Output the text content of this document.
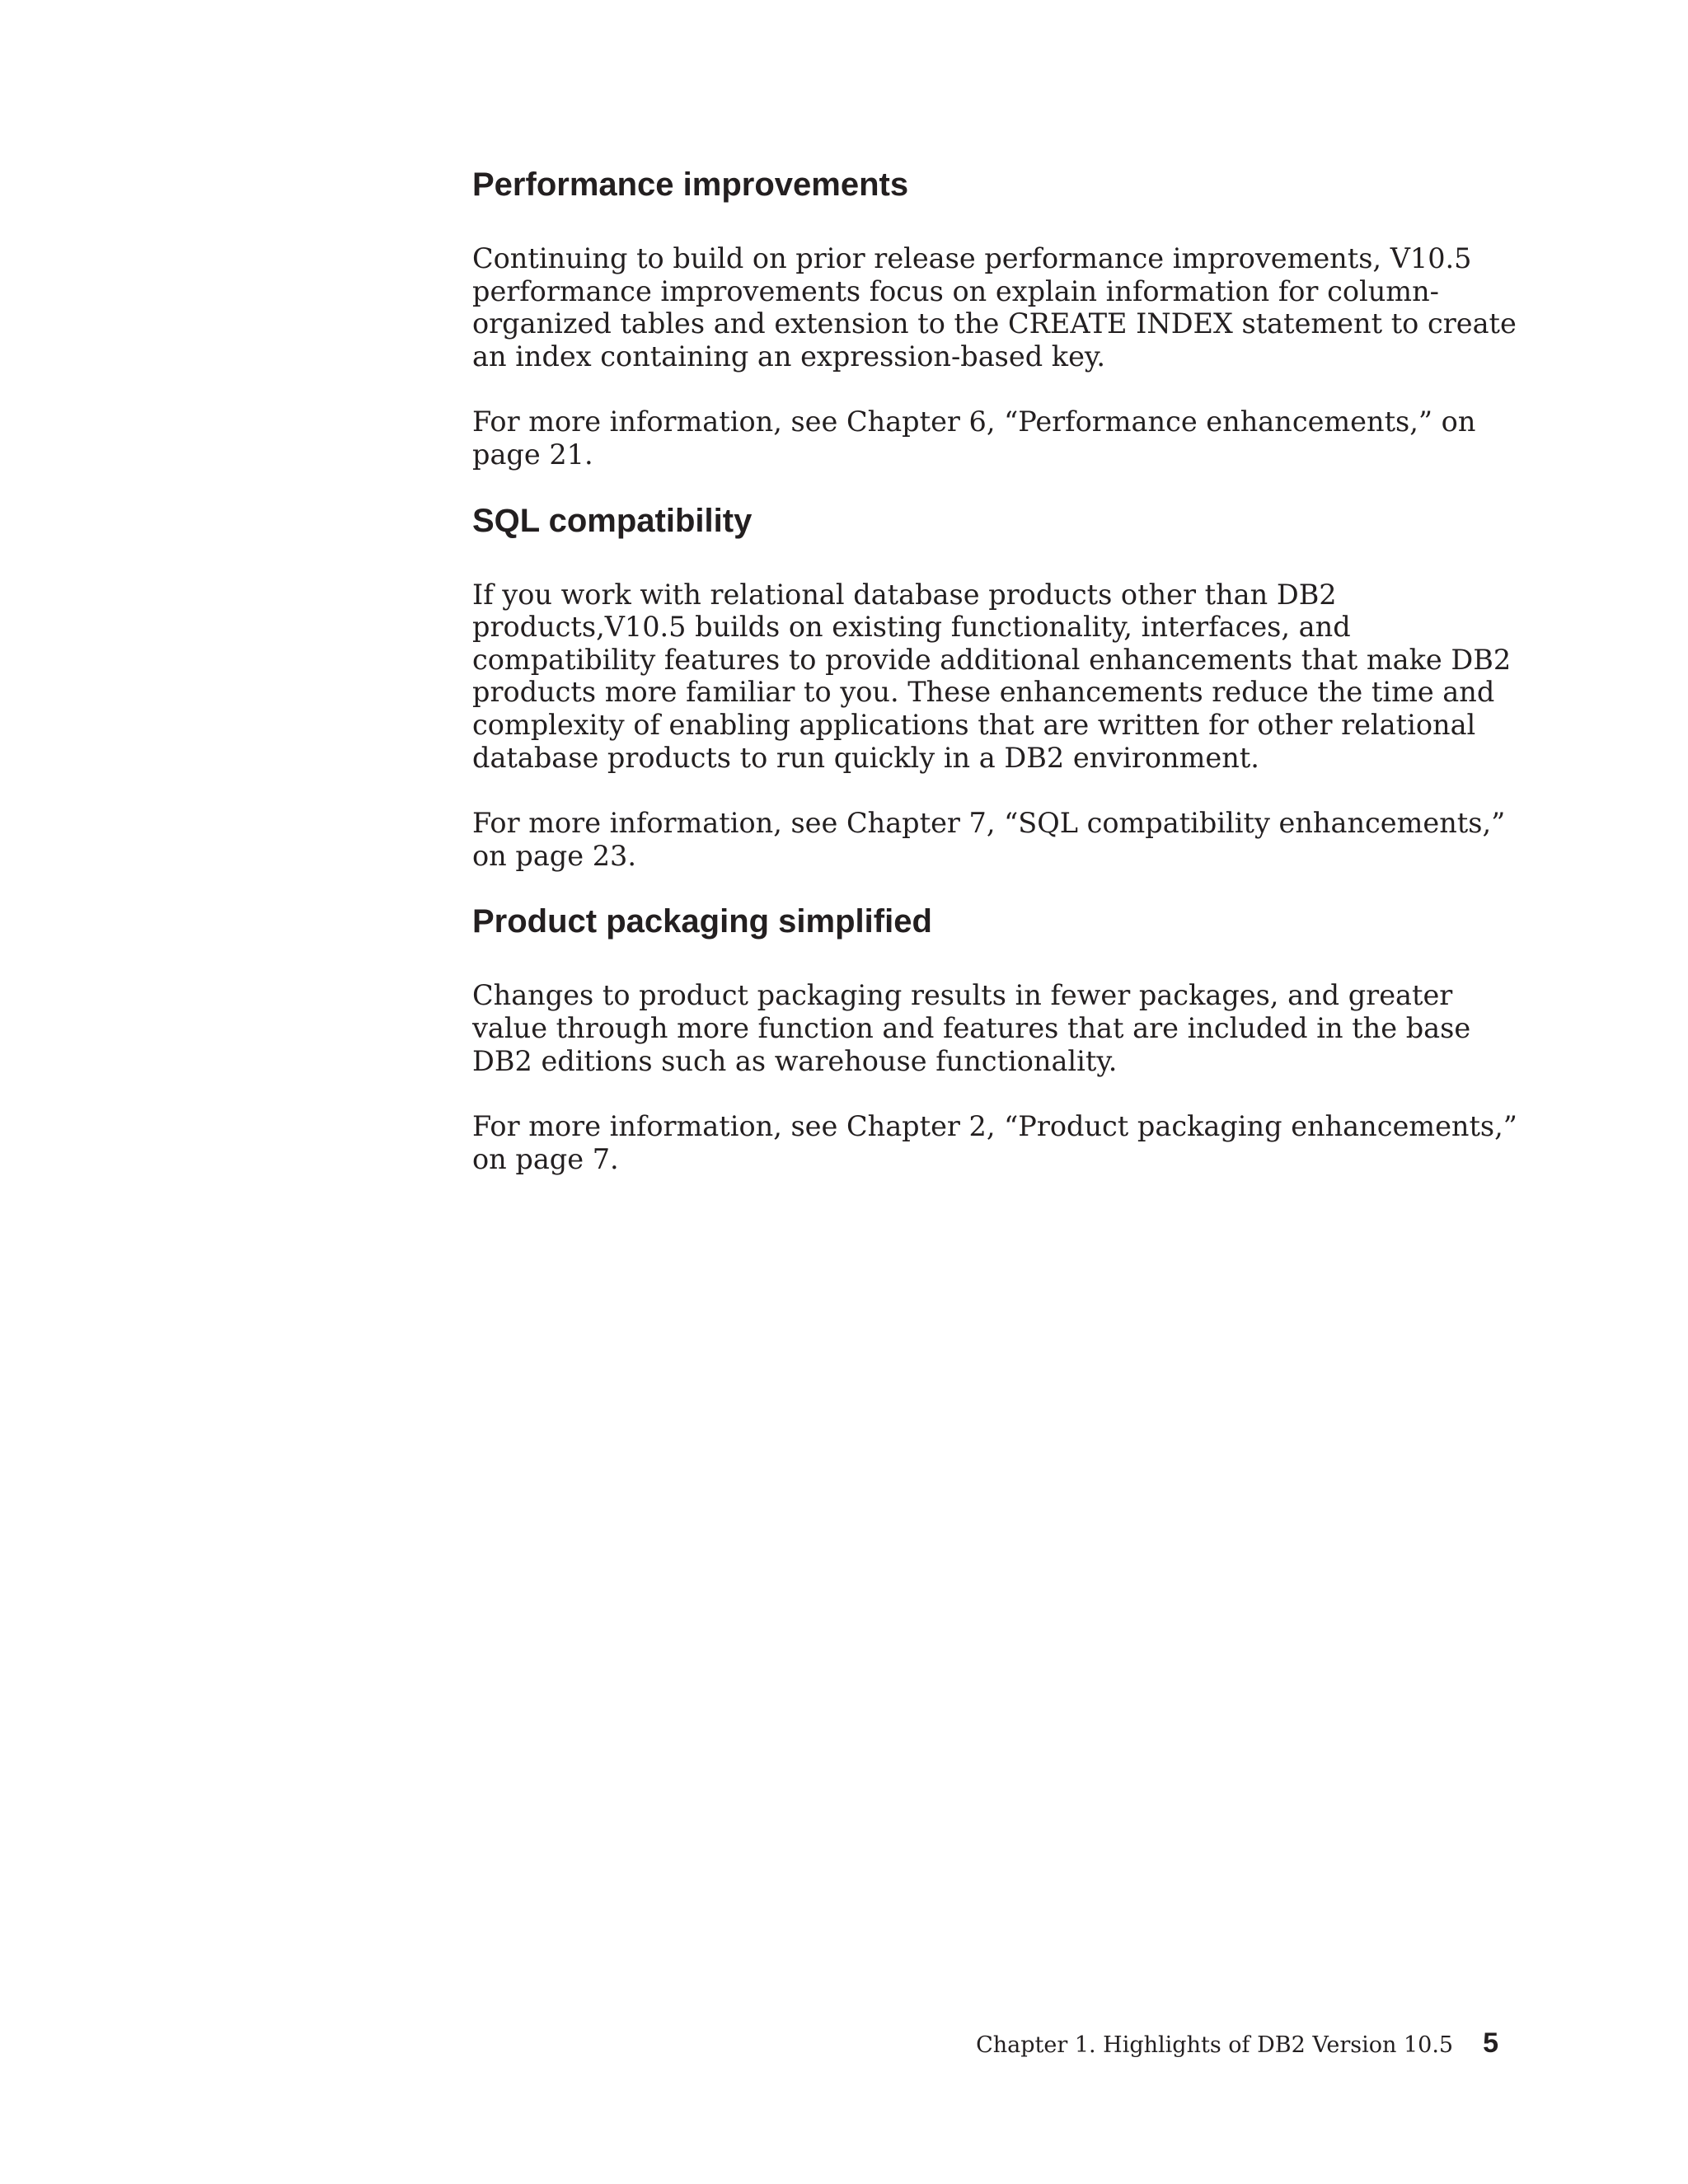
Performance improvements

Continuing to build on prior release performance improvements, V10.5 performance improvements focus on explain information for column-organized tables and extension to the CREATE INDEX statement to create an index containing an expression-based key.

For more information, see Chapter 6, “Performance enhancements,” on page 21.

SQL compatibility

If you work with relational database products other than DB2 products,V10.5 builds on existing functionality, interfaces, and compatibility features to provide additional enhancements that make DB2 products more familiar to you. These enhancements reduce the time and complexity of enabling applications that are written for other relational database products to run quickly in a DB2 environment.

For more information, see Chapter 7, “SQL compatibility enhancements,” on page 23.

Product packaging simplified

Changes to product packaging results in fewer packages, and greater value through more function and features that are included in the base DB2 editions such as warehouse functionality.

For more information, see Chapter 2, “Product packaging enhancements,” on page 7.

Chapter 1. Highlights of DB2 Version 10.5 5
